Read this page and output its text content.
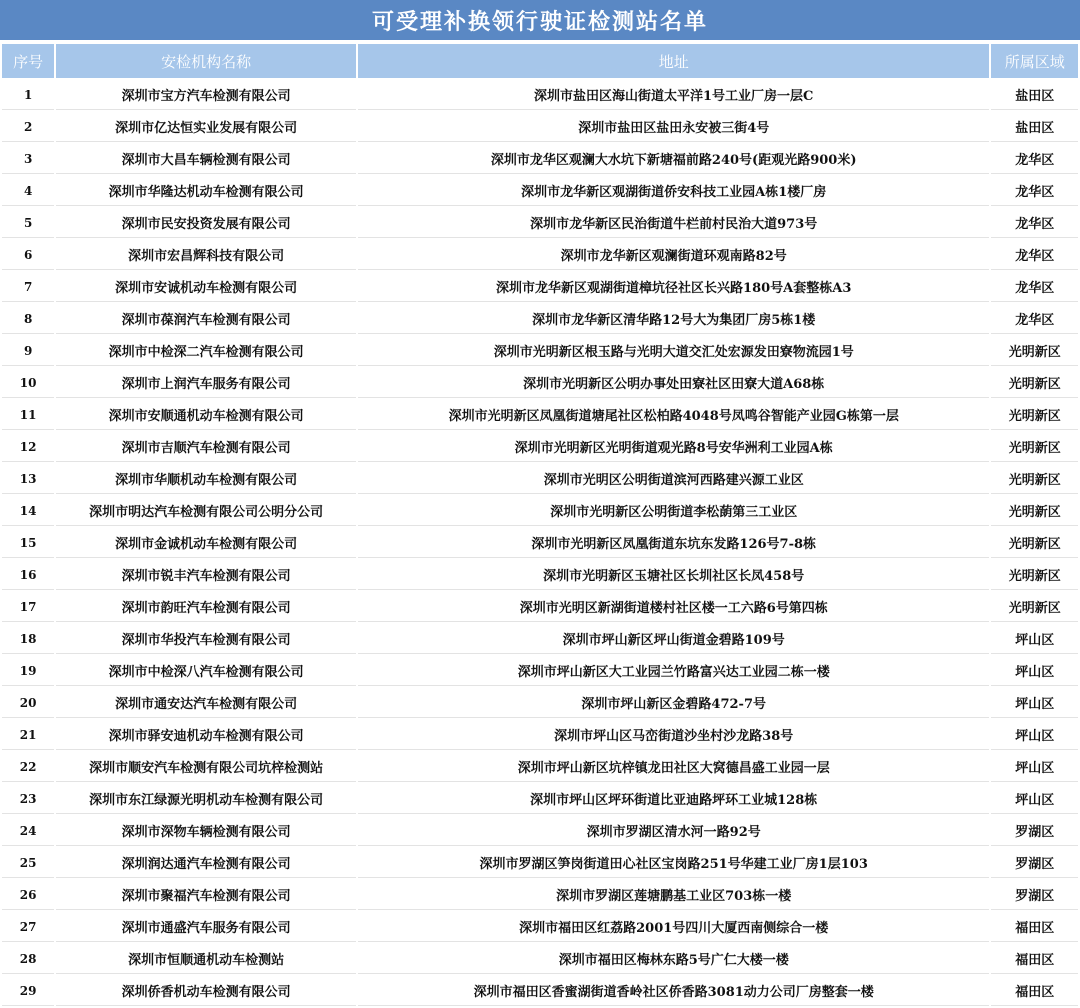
可受理补换领行驶证检测站名单
序号	安检机构名称	地址	所属区域
1	深圳市宝方汽车检测有限公司	深圳市盐田区海山街道太平洋1号工业厂房一层C	盐田区
2	深圳市亿达恒实业发展有限公司	深圳市盐田区盐田永安被三街4号	盐田区
3	深圳市大昌车辆检测有限公司	深圳市龙华区观澜大水坑下新塘福前路240号(距观光路900米)	龙华区
4	深圳市华隆达机动车检测有限公司	深圳市龙华新区观湖街道侨安科技工业园A栋1楼厂房	龙华区
5	深圳市民安投资发展有限公司	深圳市龙华新区民治街道牛栏前村民治大道973号	龙华区
6	深圳市宏昌辉科技有限公司	深圳市龙华新区观澜街道环观南路82号	龙华区
7	深圳市安诚机动车检测有限公司	深圳市龙华新区观湖街道樟坑径社区长兴路180号A套整栋A3	龙华区
8	深圳市葆润汽车检测有限公司	深圳市龙华新区清华路12号大为集团厂房5栋1楼	龙华区
9	深圳市中检深二汽车检测有限公司	深圳市光明新区根玉路与光明大道交汇处宏源发田寮物流园1号	光明新区
10	深圳市上润汽车服务有限公司	深圳市光明新区公明办事处田寮社区田寮大道A68栋	光明新区
11	深圳市安顺通机动车检测有限公司	深圳市光明新区凤凰街道塘尾社区松柏路4048号凤鸣谷智能产业园G栋第一层	光明新区
12	深圳市吉顺汽车检测有限公司	深圳市光明新区光明街道观光路8号安华洲利工业园A栋	光明新区
13	深圳市华顺机动车检测有限公司	深圳市光明区公明街道滨河西路建兴源工业区	光明新区
14	深圳市明达汽车检测有限公司公明分公司	深圳市光明新区公明街道李松蓢第三工业区	光明新区
15	深圳市金诚机动车检测有限公司	深圳市光明新区凤凰街道东坑东发路126号7-8栋	光明新区
16	深圳市锐丰汽车检测有限公司	深圳市光明新区玉塘社区长圳社区长凤458号	光明新区
17	深圳市韵旺汽车检测有限公司	深圳市光明区新湖街道楼村社区楼一工六路6号第四栋	光明新区
18	深圳市华投汽车检测有限公司	深圳市坪山新区坪山街道金碧路109号	坪山区
19	深圳市中检深八汽车检测有限公司	深圳市坪山新区大工业园兰竹路富兴达工业园二栋一楼	坪山区
20	深圳市通安达汽车检测有限公司	深圳市坪山新区金碧路472-7号	坪山区
21	深圳市驿安迪机动车检测有限公司	深圳市坪山区马峦街道沙坐村沙龙路38号	坪山区
22	深圳市顺安汽车检测有限公司坑梓检测站	深圳市坪山新区坑梓镇龙田社区大窝德昌盛工业园一层	坪山区
23	深圳市东江绿源光明机动车检测有限公司	深圳市坪山区坪环街道比亚迪路坪环工业城128栋	坪山区
24	深圳市深物车辆检测有限公司	深圳市罗湖区清水河一路92号	罗湖区
25	深圳润达通汽车检测有限公司	深圳市罗湖区笋岗街道田心社区宝岗路251号华建工业厂房1层103	罗湖区
26	深圳市聚福汽车检测有限公司	深圳市罗湖区莲塘鹏基工业区703栋一楼	罗湖区
27	深圳市通盛汽车服务有限公司	深圳市福田区红荔路2001号四川大厦西南侧综合一楼	福田区
28	深圳市恒顺通机动车检测站	深圳市福田区梅林东路5号广仁大楼一楼	福田区
29	深圳侨香机动车检测有限公司	深圳市福田区香蜜湖街道香岭社区侨香路3081动力公司厂房整套一楼	福田区
